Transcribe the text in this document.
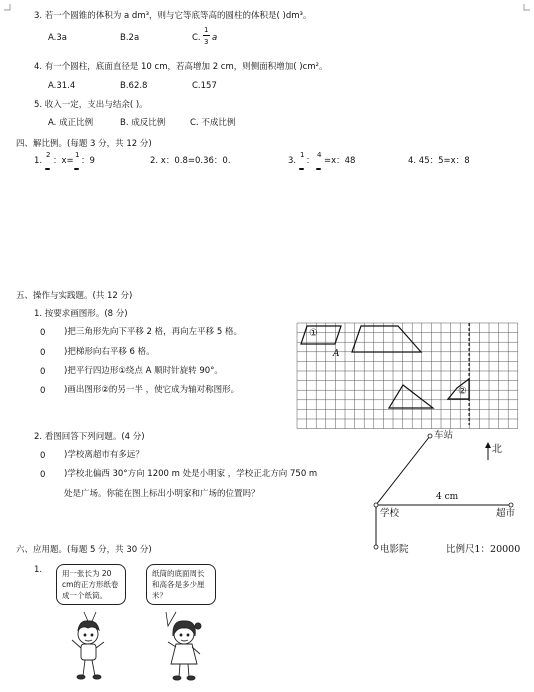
3. 若一个圆锥的体积为 a dm³，则与它等底等高的圆柱的体积是( )dm³。
A.3a	B.2a	C.
1
3 a
4. 有一个圆柱，底面直径是 10 cm，若高增加 2 cm，则侧面积增加( )cm²。
A.31.4	B.62.8	C.157
5. 收入一定，支出与结余( )。
A. 成正比例	B. 成反比例	C. 不成比例
四、解比例。(每题 3 分，共 12 分)
1.
2
：x=
1
：9	2. x：0.8=0.36：0.	3.
1
：
4
=x：48	4. 45：5=x：8
五、操作与实践题。(共 12 分)
1. 按要求画图形。(8 分)
0 )把三角形先向下平移 2 格，再向左平移 5 格。
0 )把梯形向右平移 6 格。
0 )把平行四边形①绕点 A 顺时针旋转 90°。
0 )画出图形②的另一半 ，使它成为轴对称图形。
①
②
A
2. 看图回答下列问题。(4 分)
0 )学校离超市有多远？
0 )学校北偏西 30°方向 1200 m 处是小明家 ，学校正北方向 750 m
处是广场。你能在图上标出小明家和广场的位置吗？
车站
北
4 cm
学校	超市
电影院	比例尺1：20000
六、应用题。(每题 5 分，共 30 分)
1.	用一张长为 20 cm的正方形纸卷成一个纸筒。
纸筒的底面周长和高各是多少厘米？
